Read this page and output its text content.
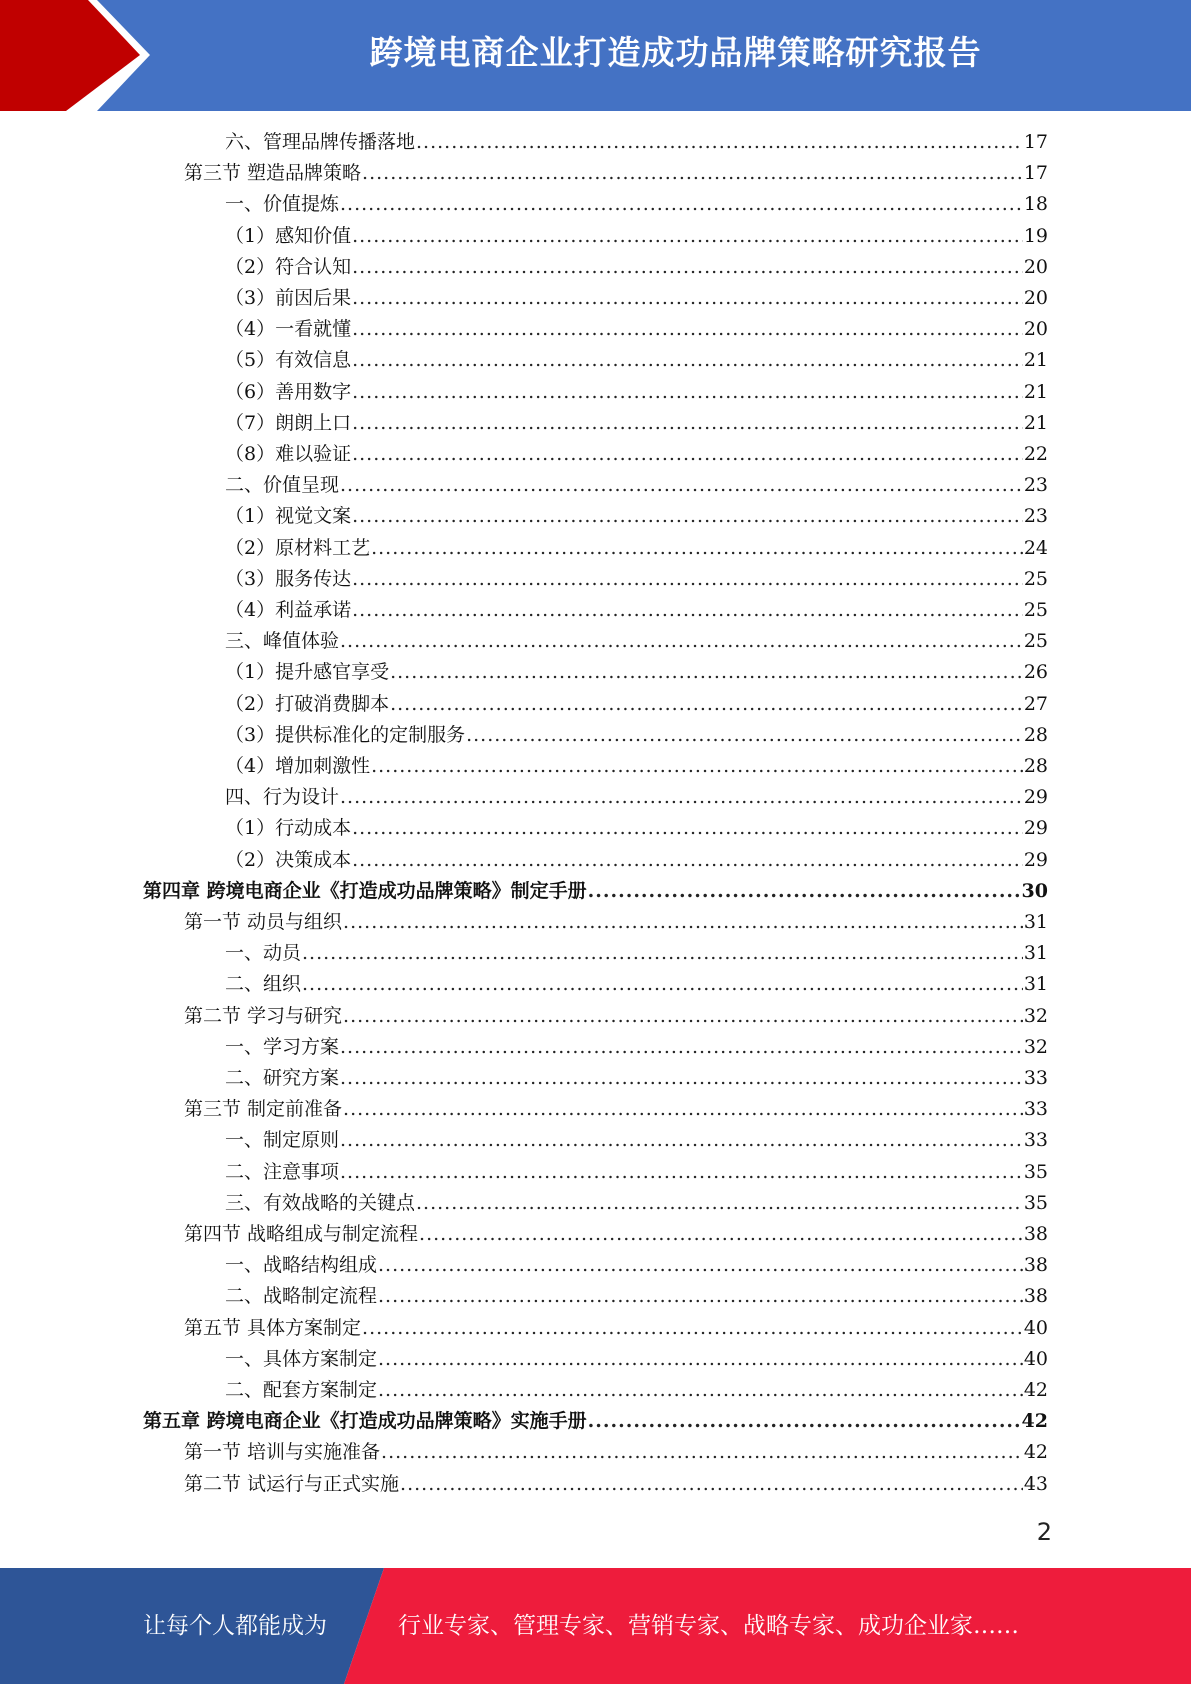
跨境电商企业打造成功品牌策略研究报告
六、管理品牌传播落地 .....	17
第三节 塑造品牌策略 .....	17
一、价值提炼 .....	18
（1）感知价值 .....	19
（2）符合认知 .....	20
（3）前因后果 .....	20
（4）一看就懂 .....	20
（5）有效信息 .....	21
（6）善用数字 .....	21
（7）朗朗上口 .....	21
（8）难以验证 .....	22
二、价值呈现 .....	23
（1）视觉文案 .....	23
（2）原材料工艺 .....	24
（3）服务传达 .....	25
（4）利益承诺 .....	25
三、峰值体验 .....	25
（1）提升感官享受 .....	26
（2）打破消费脚本 .....	27
（3）提供标准化的定制服务 .....	28
（4）增加刺激性 .....	28
四、行为设计 .....	29
（1）行动成本 .....	29
（2）决策成本 .....	29
第四章 跨境电商企业《打造成功品牌策略》制定手册 .....	30
第一节 动员与组织 .....	31
一、动员 .....	31
二、组织 .....	31
第二节 学习与研究 .....	32
一、学习方案 .....	32
二、研究方案 .....	33
第三节 制定前准备 .....	33
一、制定原则 .....	33
二、注意事项 .....	35
三、有效战略的关键点 .....	35
第四节 战略组成与制定流程 .....	38
一、战略结构组成 .....	38
二、战略制定流程 .....	38
第五节 具体方案制定 .....	40
一、具体方案制定 .....	40
二、配套方案制定 .....	42
第五章 跨境电商企业《打造成功品牌策略》实施手册 .....	42
第一节 培训与实施准备 .....	42
第二节 试运行与正式实施 .....	43
2
让每个人都能成为	行业专家、管理专家、营销专家、战略专家、成功企业家……
